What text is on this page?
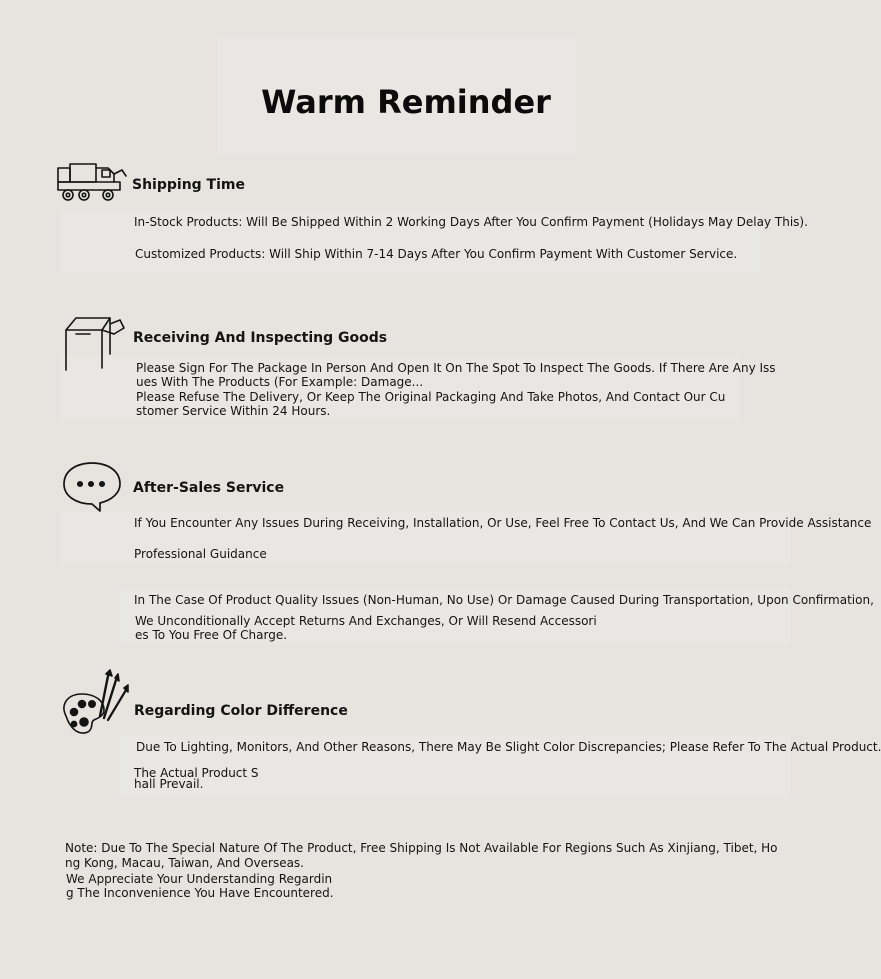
Warm Reminder
Shipping Time

In-Stock Products: Will Be Shipped Within 2 Working Days After You Confirm Payment (Holidays May Delay This).

Customized Products: Will Ship Within 7-14 Days After You Confirm Payment With Customer Service.

Receiving And Inspecting Goods

Please Sign For The Package In Person And Open It On The Spot To Inspect The Goods. If There Are Any Iss

ues With The Products (For Example: Damage...

Please Refuse The Delivery, Or Keep The Original Packaging And Take Photos, And Contact Our Cu

stomer Service Within 24 Hours.

After-Sales Service

If You Encounter Any Issues During Receiving, Installation, Or Use, Feel Free To Contact Us, And We Can Provide Assistance

Professional Guidance

In The Case Of Product Quality Issues (Non-Human, No Use) Or Damage Caused During Transportation, Upon Confirmation,

We Unconditionally Accept Returns And Exchanges, Or Will Resend Accessori

es To You Free Of Charge.

Regarding Color Difference

Due To Lighting, Monitors, And Other Reasons, There May Be Slight Color Discrepancies; Please Refer To The Actual Product.

The Actual Product S

hall Prevail.

Note: Due To The Special Nature Of The Product, Free Shipping Is Not Available For Regions Such As Xinjiang, Tibet, Ho

ng Kong, Macau, Taiwan, And Overseas.

We Appreciate Your Understanding Regardin

g The Inconvenience You Have Encountered.
